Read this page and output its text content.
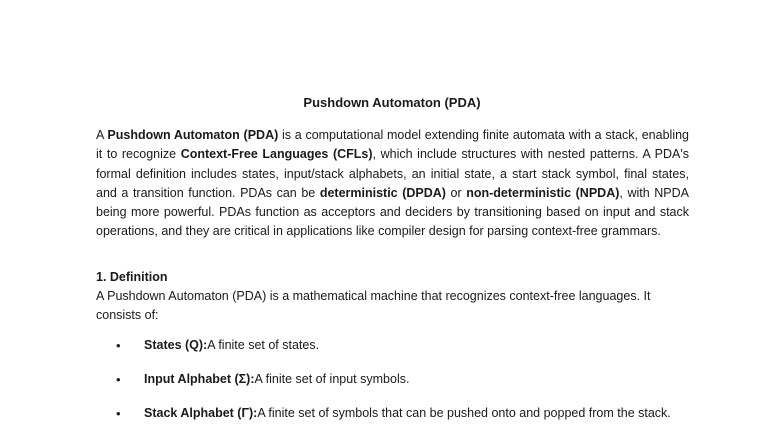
Pushdown Automaton (PDA)

A Pushdown Automaton (PDA) is a computational model extending finite automata with a stack, enabling it to recognize Context-Free Languages (CFLs), which include structures with nested patterns. A PDA's formal definition includes states, input/stack alphabets, an initial state, a start stack symbol, final states, and a transition function. PDAs can be deterministic (DPDA) or non-deterministic (NPDA), with NPDA being more powerful. PDAs function as acceptors and deciders by transitioning based on input and stack operations, and they are critical in applications like compiler design for parsing context-free grammars.

1. Definition

A Pushdown Automaton (PDA) is a mathematical machine that recognizes context-free languages. It consists of:

• States (Q):A finite set of states.
• Input Alphabet (Σ):A finite set of input symbols.
• Stack Alphabet (Γ):A finite set of symbols that can be pushed onto and popped from the stack.
